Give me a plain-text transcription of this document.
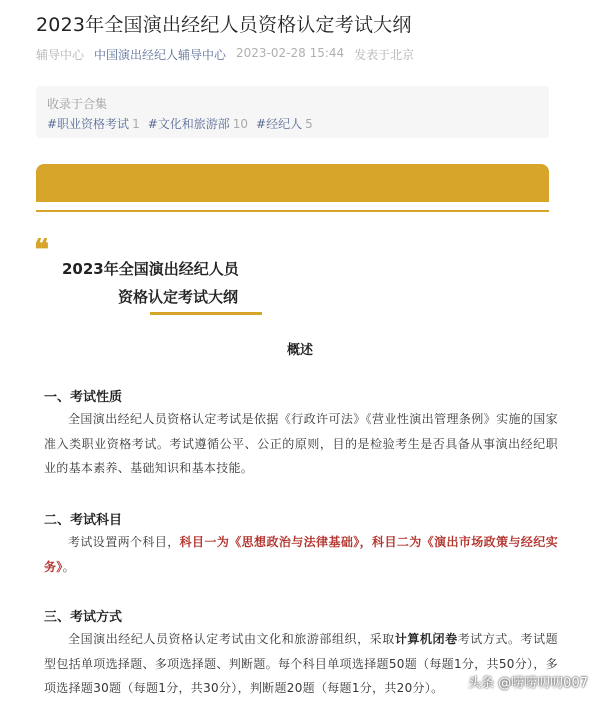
2023年全国演出经纪人员资格认定考试大纲
辅导中心 中国演出经纪人辅导中心 2023-02-28 15:44 发表于北京
收录于合集
#职业资格考试 1 #文化和旅游部 10 #经纪人 5
❝
2023年全国演出经纪人员
资格认定考试大纲
概述
一、考试性质

全国演出经纪人员资格认定考试是依据《行政许可法》《营业性演出管理条例》实施的国家准入类职业资格考试。考试遵循公平、公正的原则，目的是检验考生是否具备从事演出经纪职业的基本素养、基础知识和基本技能。

二、考试科目

考试设置两个科目，科目一为《思想政治与法律基础》，科目二为《演出市场政策与经纪实务》。

三、考试方式

全国演出经纪人员资格认定考试由文化和旅游部组织，采取计算机闭卷考试方式。考试题型包括单项选择题、多项选择题、判断题。每个科目单项选择题50题（每题1分，共50分），多项选择题30题（每题1分，共30分），判断题20题（每题1分，共20分）。	头条 @唠唠叨叨007
